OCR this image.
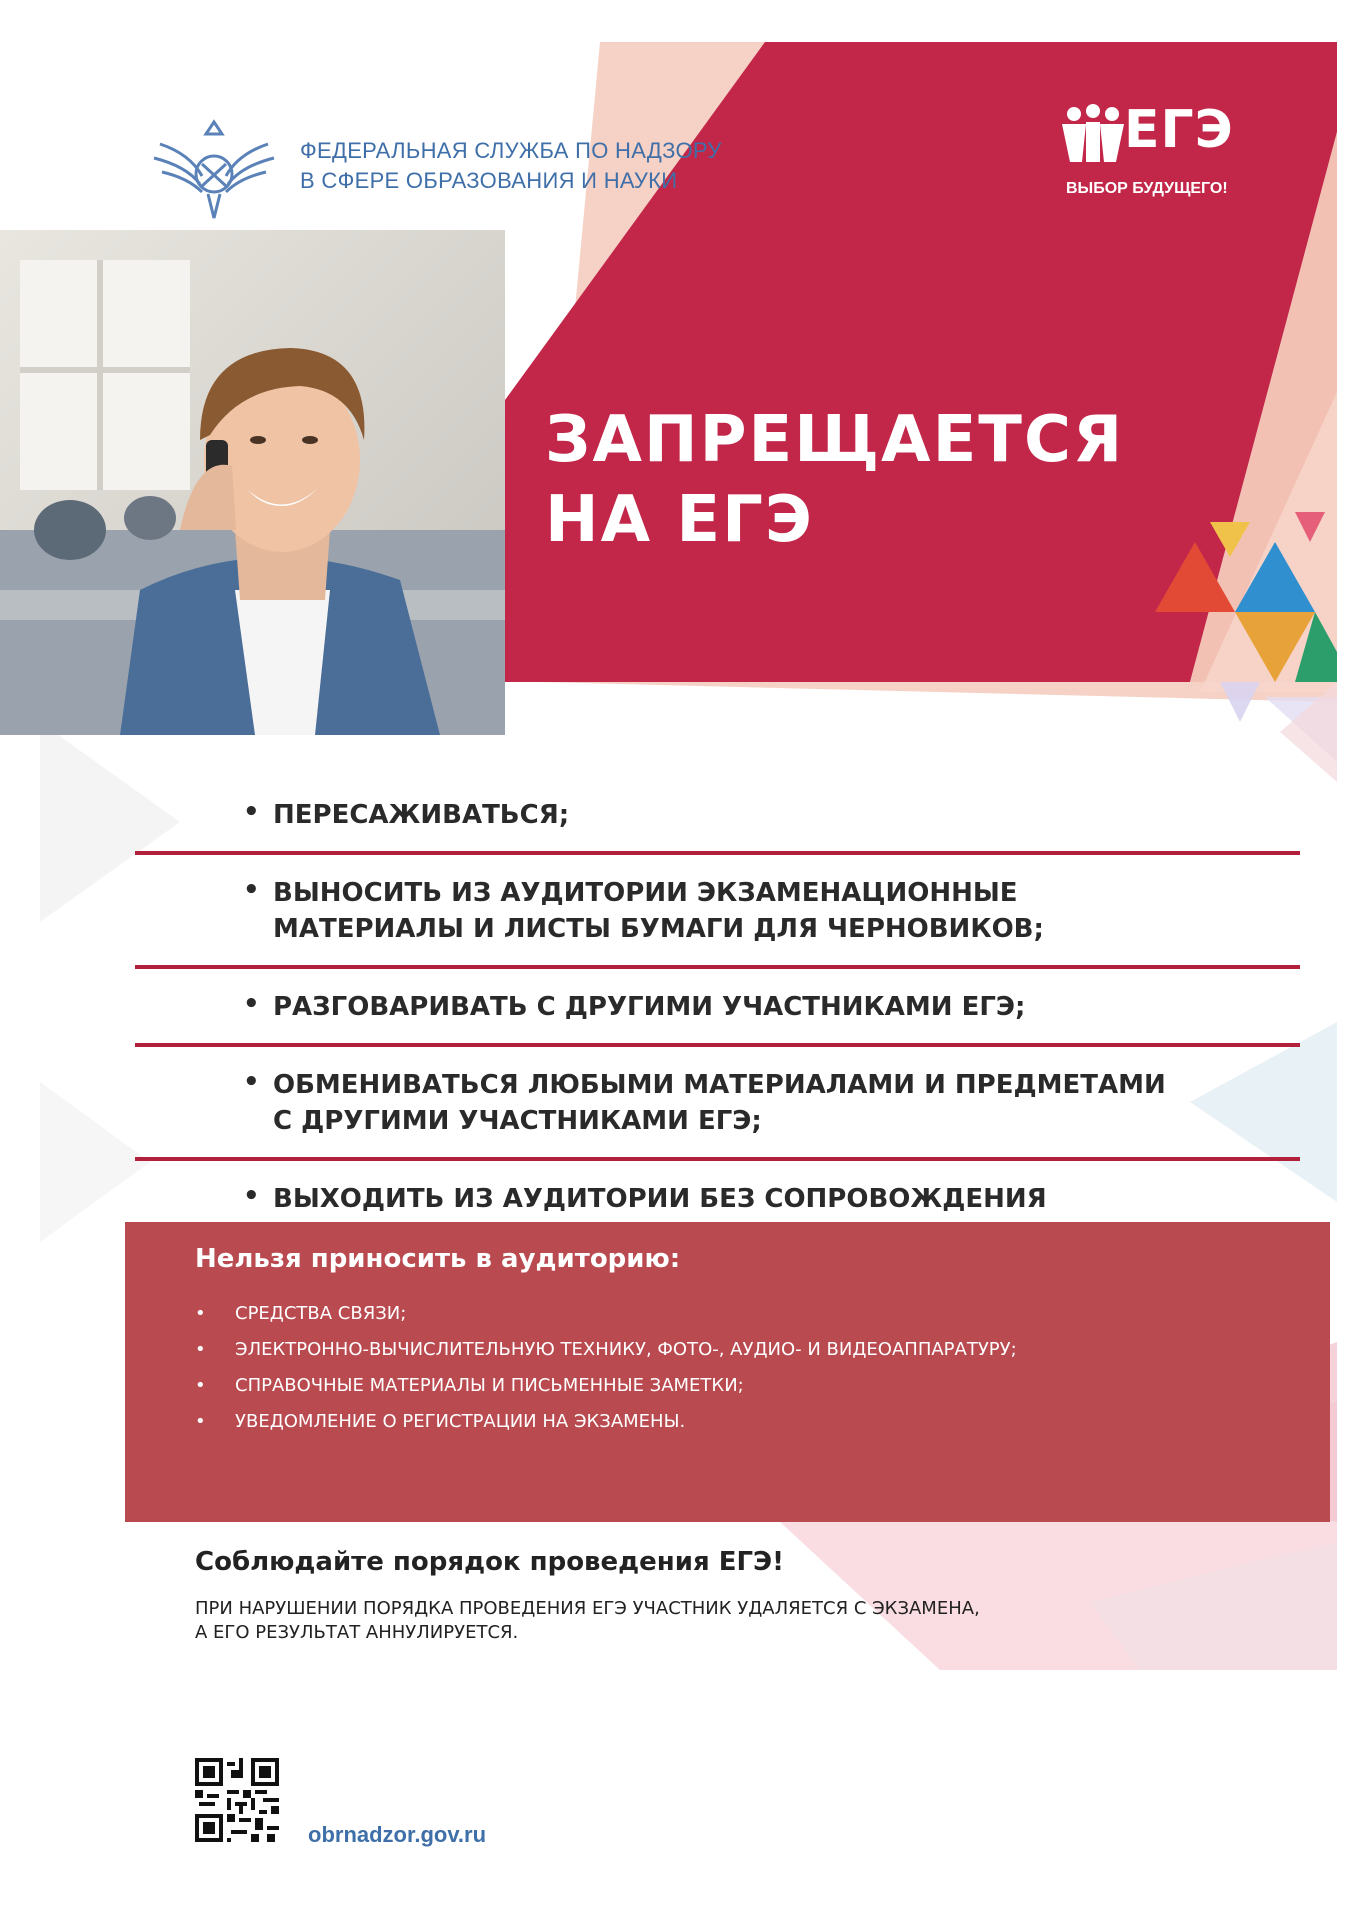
ФЕДЕРАЛЬНАЯ СЛУЖБА ПО НАДЗОРУ
В СФЕРЕ ОБРАЗОВАНИЯ И НАУКИ
ЕГЭ
ВЫБОР БУДУЩЕГО!
ЗАПРЕЩАЕТСЯ
НА ЕГЭ
• ПЕРЕСАЖИВАТЬСЯ;
• ВЫНОСИТЬ ИЗ АУДИТОРИИ ЭКЗАМЕНАЦИОННЫЕ
МАТЕРИАЛЫ И ЛИСТЫ БУМАГИ ДЛЯ ЧЕРНОВИКОВ;
• РАЗГОВАРИВАТЬ С ДРУГИМИ УЧАСТНИКАМИ ЕГЭ;
• ОБМЕНИВАТЬСЯ ЛЮБЫМИ МАТЕРИАЛАМИ И ПРЕДМЕТАМИ
С ДРУГИМИ УЧАСТНИКАМИ ЕГЭ;
• ВЫХОДИТЬ ИЗ АУДИТОРИИ БЕЗ СОПРОВОЖДЕНИЯ

Нельзя приносить в аудиторию:
• СРЕДСТВА СВЯЗИ;
• ЭЛЕКТРОННО-ВЫЧИСЛИТЕЛЬНУЮ ТЕХНИКУ, ФОТО-, АУДИО- И ВИДЕОАППАРАТУРУ;
• СПРАВОЧНЫЕ МАТЕРИАЛЫ И ПИСЬМЕННЫЕ ЗАМЕТКИ;
• УВЕДОМЛЕНИЕ О РЕГИСТРАЦИИ НА ЭКЗАМЕНЫ.
Соблюдайте порядок проведения ЕГЭ!
ПРИ НАРУШЕНИИ ПОРЯДКА ПРОВЕДЕНИЯ ЕГЭ УЧАСТНИК УДАЛЯЕТСЯ С ЭКЗАМЕНА,
А ЕГО РЕЗУЛЬТАТ АННУЛИРУЕТСЯ.
obrnadzor.gov.ru
